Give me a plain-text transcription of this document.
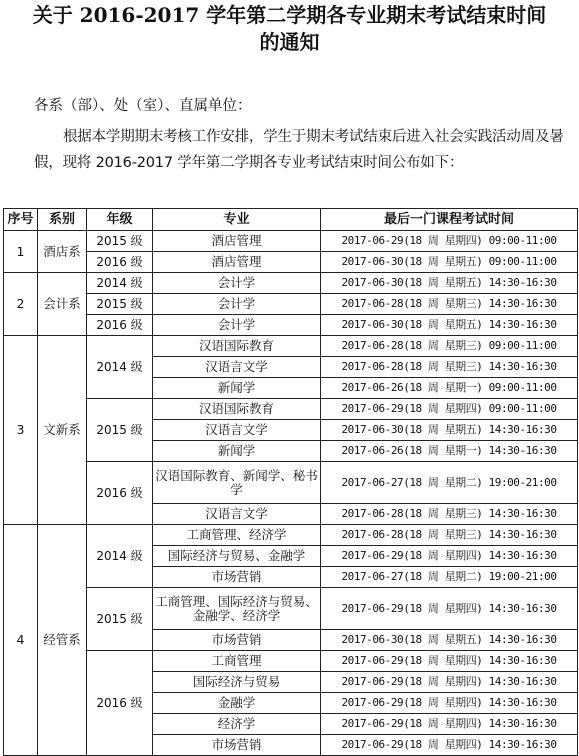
关于 2016-2017 学年第二学期各专业期末考试结束时间
的通知
各系（部）、处（室）、直属单位：
根据本学期期末考核工作安排，学生于期末考试结束后进入社会实践活动周及暑假，现将 2016-2017 学年第二学期各专业考试结束时间公布如下：
序号	系别	年级	专业	最后一门课程考试时间
1	酒店系	2015 级	酒店管理	2017-06-29(18 周 星期四) 09:00-11:00
		2016 级	酒店管理	2017-06-30(18 周 星期五) 09:00-11:00
2	会计系	2014 级	会计学	2017-06-30(18 周 星期五) 14:30-16:30
		2015 级	会计学	2017-06-28(18 周 星期三) 14:30-16:30
		2016 级	会计学	2017-06-30(18 周 星期五) 14:30-16:30
3	文新系	2014 级	汉语国际教育	2017-06-28(18 周 星期三) 09:00-11:00
			汉语言文学	2017-06-28(18 周 星期三) 14:30-16:30
			新闻学	2017-06-26(18 周 星期一) 09:00-11:00
		2015 级	汉语国际教育	2017-06-29(18 周 星期四) 09:00-11:00
			汉语言文学	2017-06-30(18 周 星期五) 14:30-16:30
			新闻学	2017-06-26(18 周 星期一) 14:30-16:30
		2016 级	汉语国际教育、新闻学、秘书学	2017-06-27(18 周 星期二) 19:00-21:00
			汉语言文学	2017-06-28(18 周 星期三) 14:30-16:30
4	经管系	2014 级	工商管理、经济学	2017-06-28(18 周 星期三) 14:30-16:30
			国际经济与贸易、金融学	2017-06-29(18 周 星期四) 14:30-16:30
			市场营销	2017-06-27(18 周 星期二) 19:00-21:00
		2015 级	工商管理、国际经济与贸易、金融学、经济学	2017-06-29(18 周 星期四) 14:30-16:30
			市场营销	2017-06-30(18 周 星期五) 14:30-16:30
		2016 级	工商管理	2017-06-29(18 周 星期四) 14:30-16:30
			国际经济与贸易	2017-06-29(18 周 星期四) 14:30-16:30
			金融学	2017-06-29(18 周 星期四) 14:30-16:30
			经济学	2017-06-29(18 周 星期四) 14:30-16:30
			市场营销	2017-06-29(18 周 星期四) 14:30-16:30
